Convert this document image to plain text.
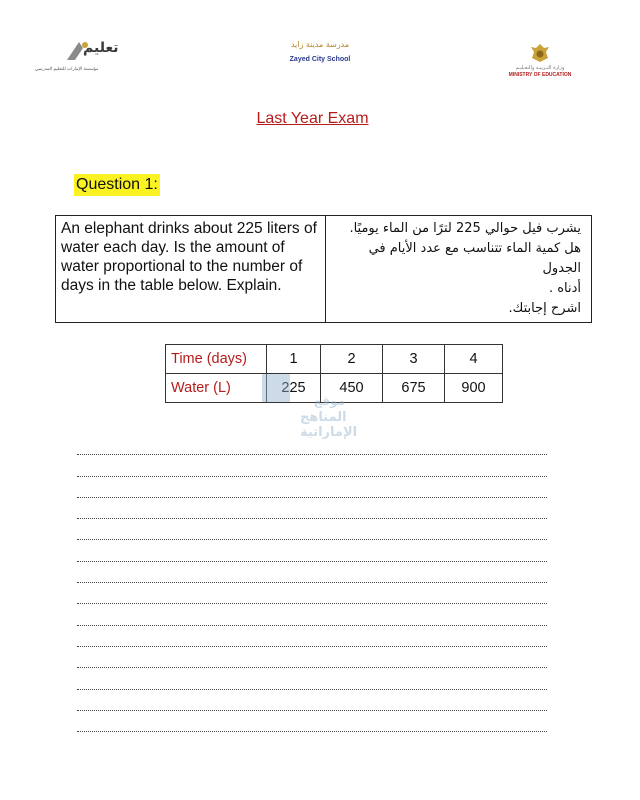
تعليم
مؤسسة الإمارات للتعليم المدرسي
مدرسة مدينة زايد
Zayed City School
وزارة التـربيـة والتعـليـم
MINISTRY OF EDUCATION
Last Year Exam
Question 1:
An elephant drinks about 225 liters of water each day. Is the amount of water proportional to the number of days in the table below. Explain.
يشرب فيل حوالي 225 لترًا من الماء يوميًا.
هل كمية الماء تتناسب مع عدد الأيام في الجدول
أدناه .
اشرح إجابتك.
Time (days)	1	2	3	4
Water (L)	225	450	675	900
موقع
المناهج الإماراتية
